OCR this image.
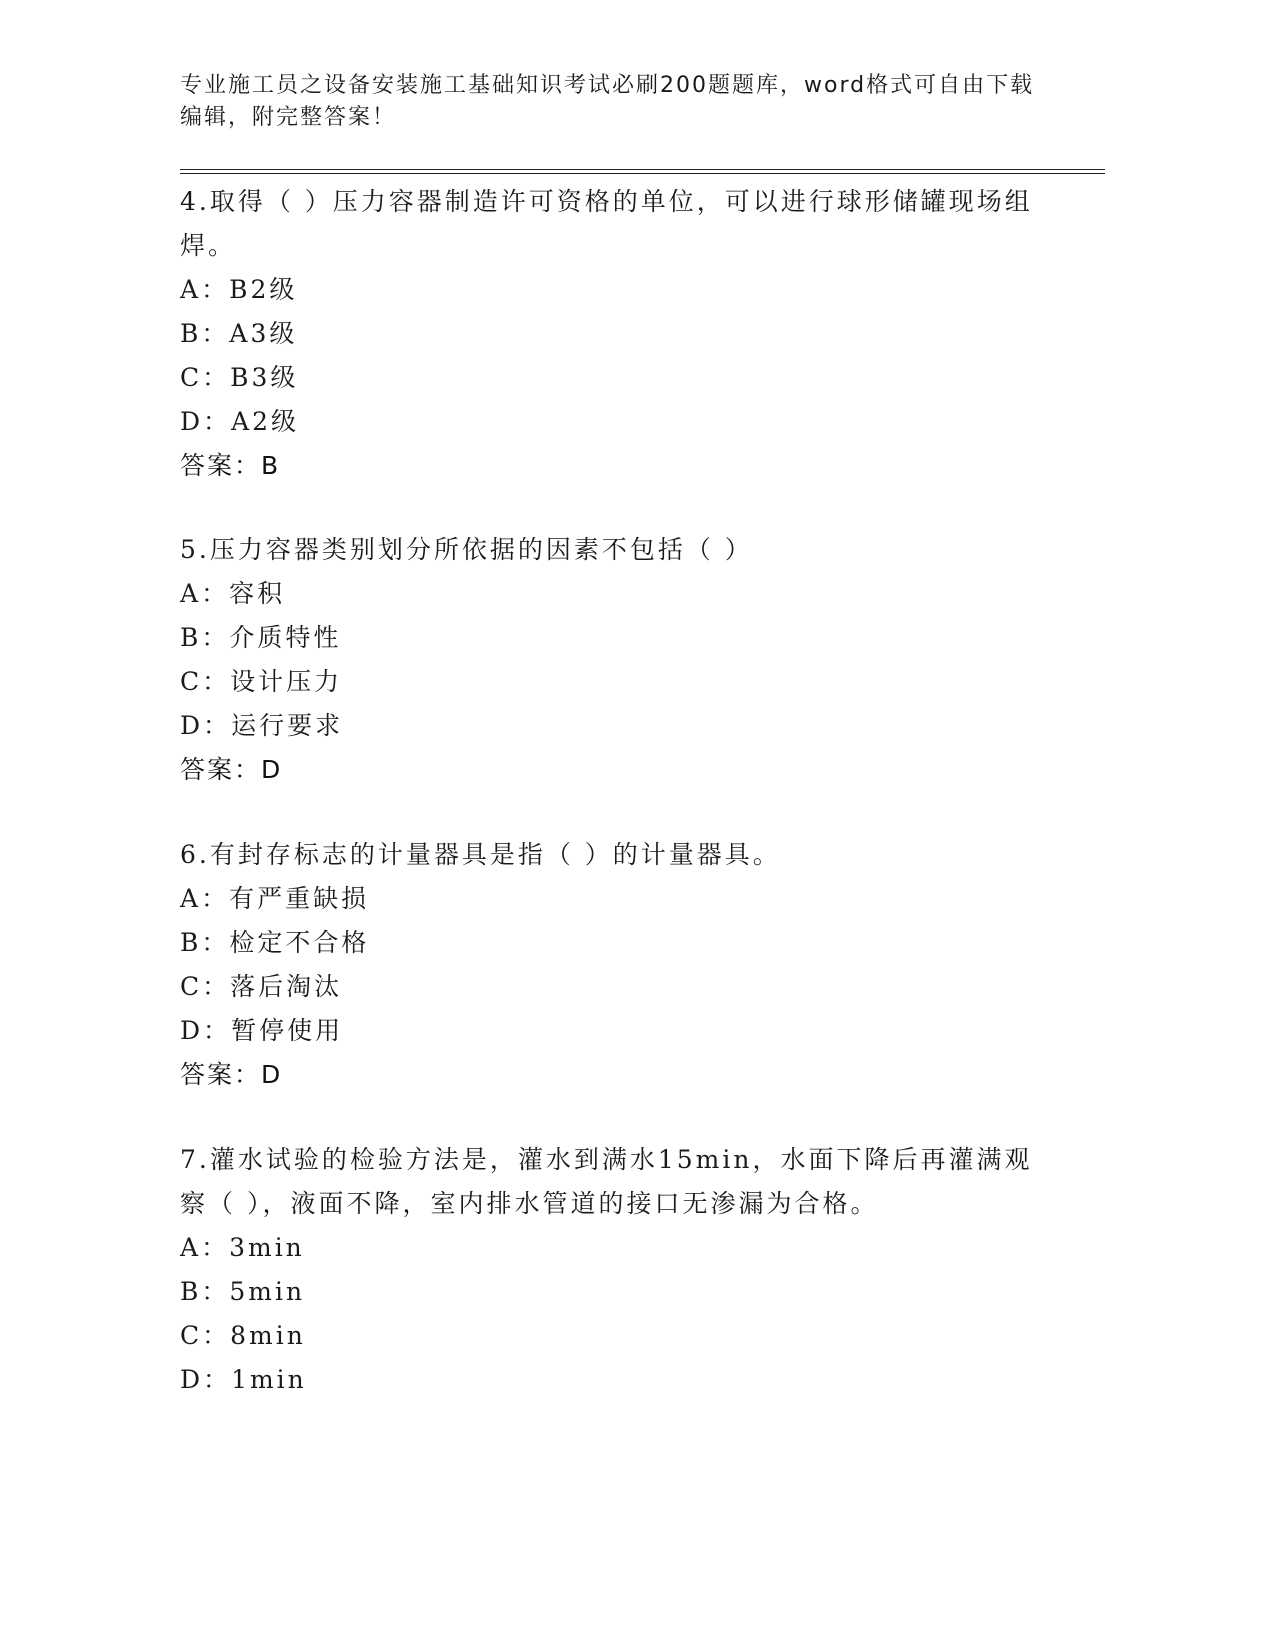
专业施工员之设备安装施工基础知识考试必刷200题题库，word格式可自由下载编辑，附完整答案！

4.取得（ ）压力容器制造许可资格的单位，可以进行球形储罐现场组焊。

A：B2级
B：A3级
C：B3级
D：A2级
答案：B

5.压力容器类别划分所依据的因素不包括（ ）

A：容积
B：介质特性
C：设计压力
D：运行要求
答案：D

6.有封存标志的计量器具是指（ ）的计量器具。

A：有严重缺损
B：检定不合格
C：落后淘汰
D：暂停使用
答案：D

7.灌水试验的检验方法是，灌水到满水15min，水面下降后再灌满观察（ ），液面不降，室内排水管道的接口无渗漏为合格。

A：3min
B：5min
C：8min
D：1min
